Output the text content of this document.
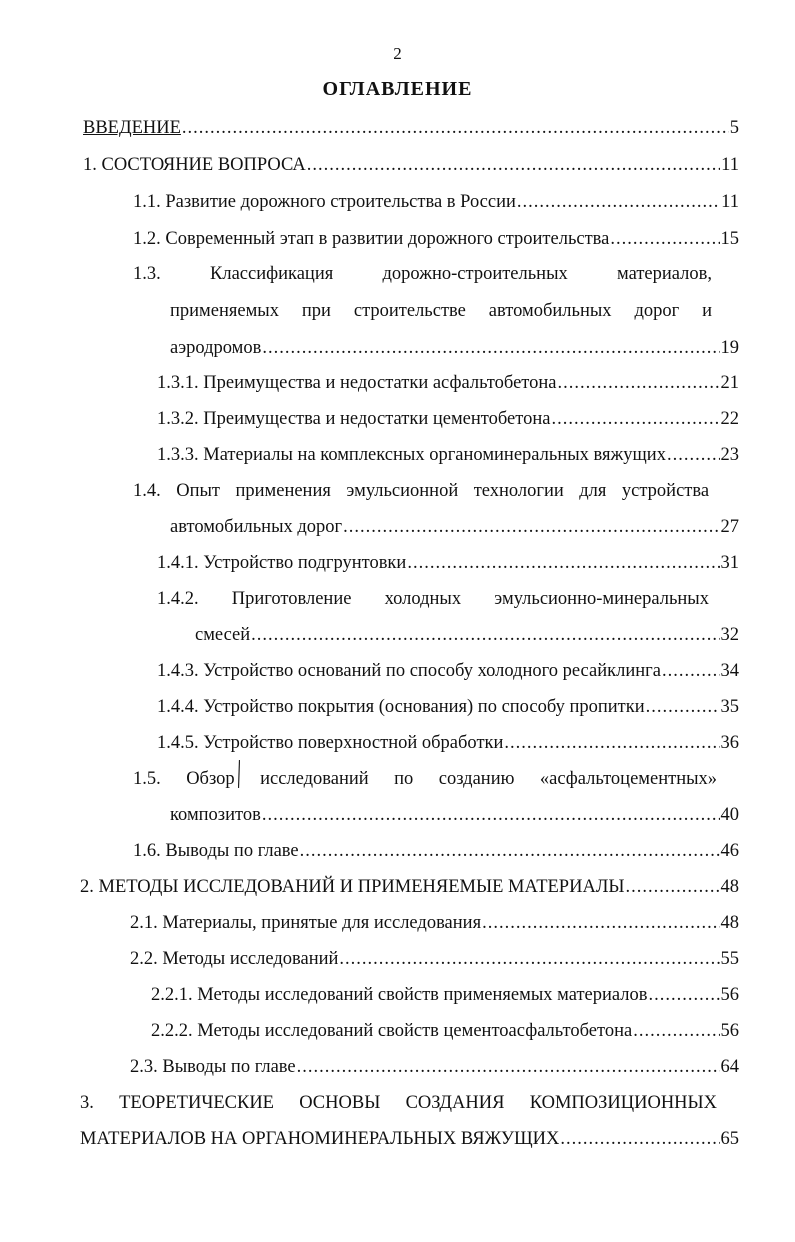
2
ОГЛАВЛЕНИЕ
ВВЕДЕНИЕ .....	5
1. СОСТОЯНИЕ ВОПРОСА .....	11
1.1. Развитие дорожного строительства в России .....	11
1.2. Современный этап в развитии дорожного строительства .....	15
1.3. Классификация	дорожно-строительных	материалов,
применяемых при строительстве автомобильных дорог и
аэродромов .....	19
1.3.1. Преимущества и недостатки асфальтобетона .....	21
1.3.2. Преимущества и недостатки цементобетона .....	22
1.3.3. Материалы на комплексных органоминеральных вяжущих .....	23
1.4. Опыт применения эмульсионной технологии для устройства
автомобильных дорог .....	27
1.4.1. Устройство подгрунтовки .....	31
1.4.2. Приготовление холодных эмульсионно-минеральных
смесей .....	32
1.4.3. Устройство оснований по способу холодного ресайклинга .....	34
1.4.4. Устройство покрытия (основания) по способу пропитки .....	35
1.4.5. Устройство поверхностной обработки .....	36
1.5. Обзор исследований по созданию «асфальтоцементных»
композитов .....	40
1.6. Выводы по главе .....	46
2. МЕТОДЫ ИССЛЕДОВАНИЙ И ПРИМЕНЯЕМЫЕ МАТЕРИАЛЫ .....	48
2.1. Материалы, принятые для исследования .....	48
2.2. Методы исследований .....	55
2.2.1. Методы исследований свойств применяемых материалов .....	56
2.2.2. Методы исследований свойств цементоасфальтобетона .....	56
2.3. Выводы по главе .....	64
3. ТЕОРЕТИЧЕСКИЕ ОСНОВЫ СОЗДАНИЯ КОМПОЗИЦИОННЫХ
МАТЕРИАЛОВ НА ОРГАНОМИНЕРАЛЬНЫХ ВЯЖУЩИХ .....	65
